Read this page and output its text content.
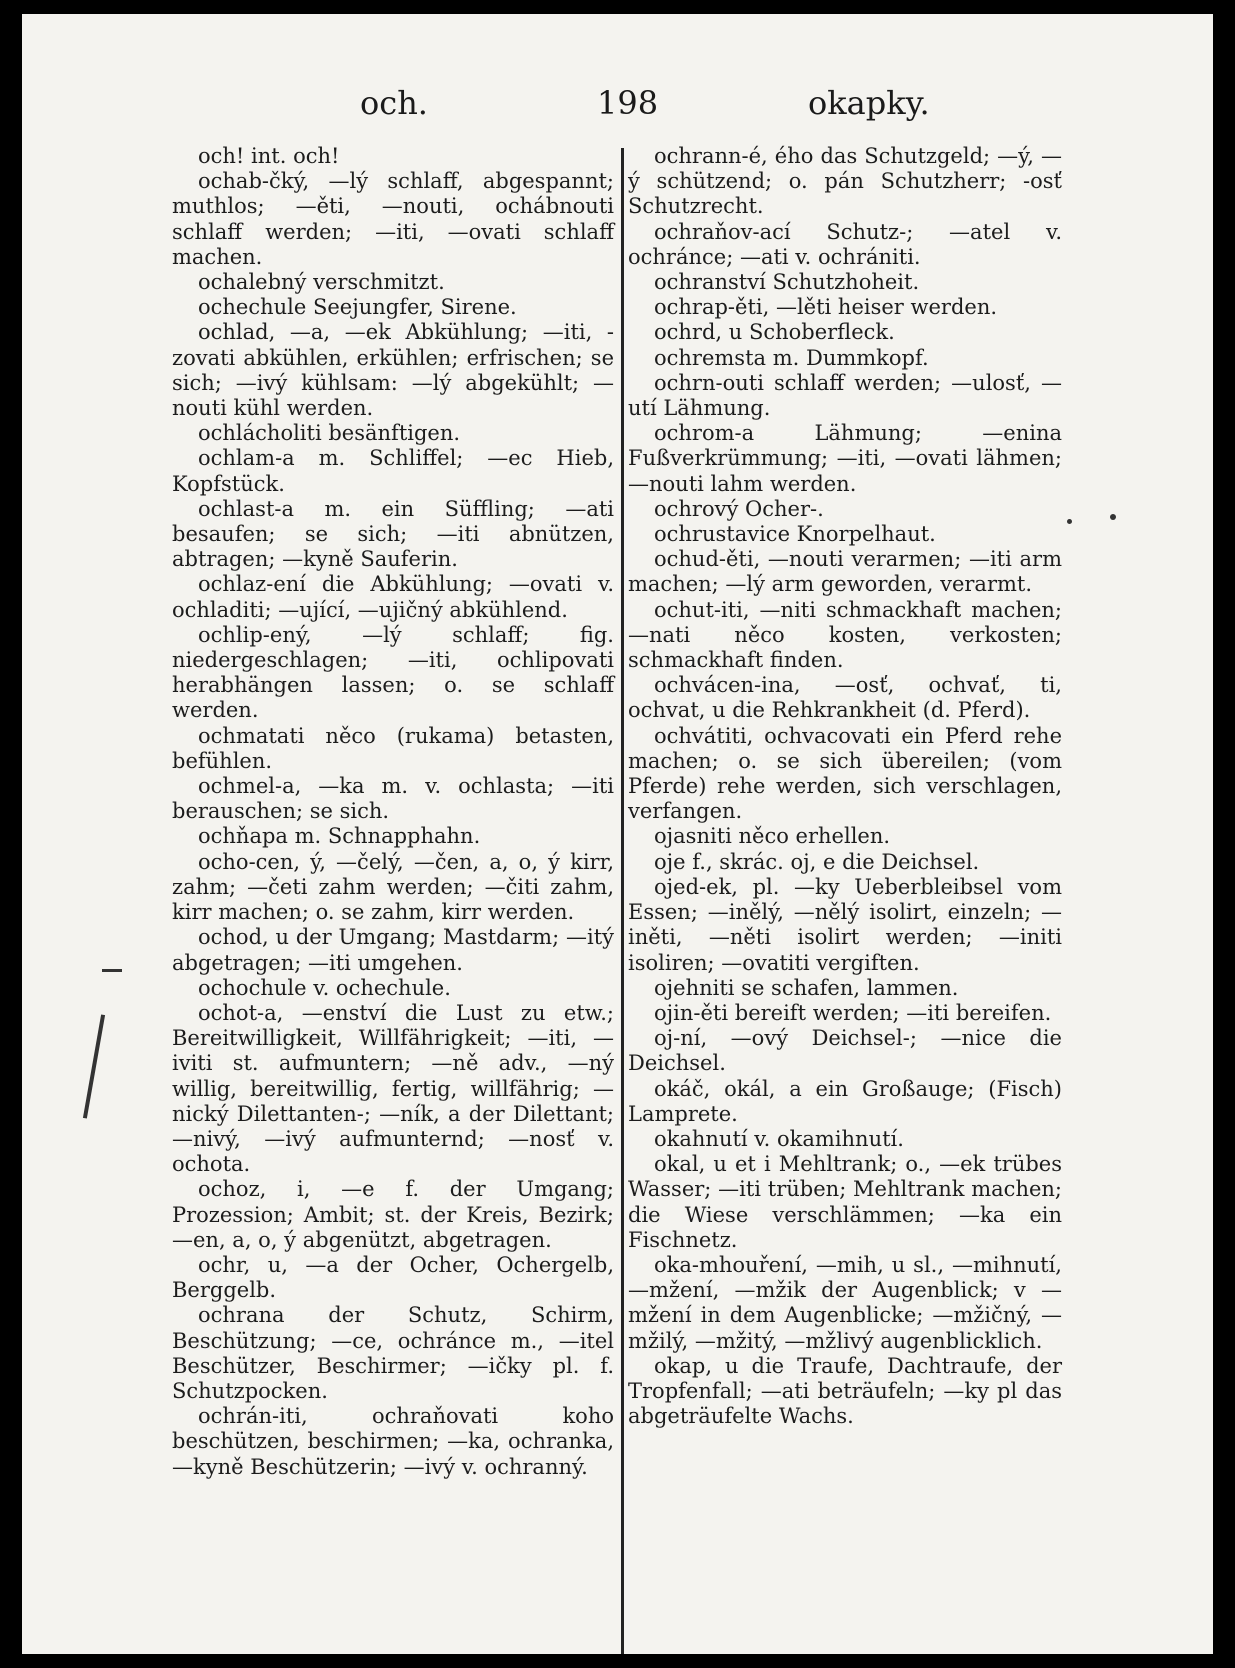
och.	198	okapky.

och! int. och!

ochab-čký, —lý schlaff, abgespannt; muthlos; —ěti, —nouti, ochábnouti schlaff werden; —iti, —ovati schlaff machen.

ochalebný verschmitzt.

ochechule Seejungfer, Sirene.

ochlad, —a, —ek Abkühlung; —iti, -zovati abkühlen, erkühlen; erfrischen; se sich; —ivý kühlsam: —lý abgekühlt; —nouti kühl werden.

ochlácholiti besänftigen.

ochlam-a m. Schliffel; —ec Hieb, Kopfstück.

ochlast-a m. ein Süffling; —ati besaufen; se sich; —iti abnützen, abtragen; —kyně Sauferin.

ochlaz-ení die Abkühlung; —ovati v. ochladiti; —ující, —ujičný abkühlend.

ochlip-ený, —lý schlaff; fig. niedergeschlagen; —iti, ochlipovati herabhängen lassen; o. se schlaff werden.

ochmatati něco (rukama) betasten, befühlen.

ochmel-a, —ka m. v. ochlasta; —iti berauschen; se sich.

ochňapa m. Schnapphahn.

ocho-cen, ý, —čelý, —čen, a, o, ý kirr, zahm; —četi zahm werden; —čiti zahm, kirr machen; o. se zahm, kirr werden.

ochod, u der Umgang; Mastdarm; —itý abgetragen; —iti umgehen.

ochochule v. ochechule.

ochot-a, —enství die Lust zu etw.; Bereitwilligkeit, Willfährigkeit; —iti, —iviti st. aufmuntern; —ně adv., —ný willig, bereitwillig, fertig, willfährig; —nický Dilettanten-; —ník, a der Dilettant; —nivý, —ivý aufmunternd; —nosť v. ochota.

ochoz, i, —e f. der Umgang; Prozession; Ambit; st. der Kreis, Bezirk; —en, a, o, ý abgenützt, abgetragen.

ochr, u, —a der Ocher, Ochergelb, Berggelb.

ochrana der Schutz, Schirm, Beschützung; —ce, ochránce m., —itel Beschützer, Beschirmer; —ičky pl. f. Schutzpocken.

ochrán-iti, ochraňovati koho beschützen, beschirmen; —ka, ochranka, —kyně Beschützerin; —ivý v. ochranný.

ochrann-é, ého das Schutzgeld; —ý, —ý schützend; o. pán Schutzherr; -osť Schutzrecht.

ochraňov-ací Schutz-; —atel v. ochránce; —ati v. ochrániti.

ochranství Schutzhoheit.

ochrap-ěti, —lěti heiser werden.

ochrd, u Schoberfleck.

ochremsta m. Dummkopf.

ochrn-outi schlaff werden; —ulosť, —utí Lähmung.

ochrom-a Lähmung; —enina Fußverkrümmung; —iti, —ovati lähmen; —nouti lahm werden.

ochrový Ocher-.

ochrustavice Knorpelhaut.

ochud-ěti, —nouti verarmen; —iti arm machen; —lý arm geworden, verarmt.

ochut-iti, —niti schmackhaft machen; —nati něco kosten, verkosten; schmackhaft finden.

ochvácen-ina, —osť, ochvať, ti, ochvat, u die Rehkrankheit (d. Pferd).

ochvátiti, ochvacovati ein Pferd rehe machen; o. se sich übereilen; (vom Pferde) rehe werden, sich verschlagen, verfangen.

ojasniti něco erhellen.

oje f., skrác. oj, e die Deichsel.

ojed-ek, pl. —ky Ueberbleibsel vom Essen; —inělý, —nělý isolirt, einzeln; —iněti, —něti isolirt werden; —initi isoliren; —ovatiti vergiften.

ojehniti se schafen, lammen.

ojin-ěti bereift werden; —iti bereifen.

oj-ní, —ový Deichsel-; —nice die Deichsel.

okáč, okál, a ein Großauge; (Fisch) Lamprete.

okahnutí v. okamihnutí.

okal, u et i Mehltrank; o., —ek trübes Wasser; —iti trüben; Mehltrank machen; die Wiese verschlämmen; —ka ein Fischnetz.

oka-mhouření, —mih, u sl., —mihnutí, —mžení, —mžik der Augenblick; v —mžení in dem Augenblicke; —mžičný, —mžilý, —mžitý, —mžlivý augenblicklich.

okap, u die Traufe, Dachtraufe, der Tropfenfall; —ati beträufeln; —ky pl das abgeträufelte Wachs.
